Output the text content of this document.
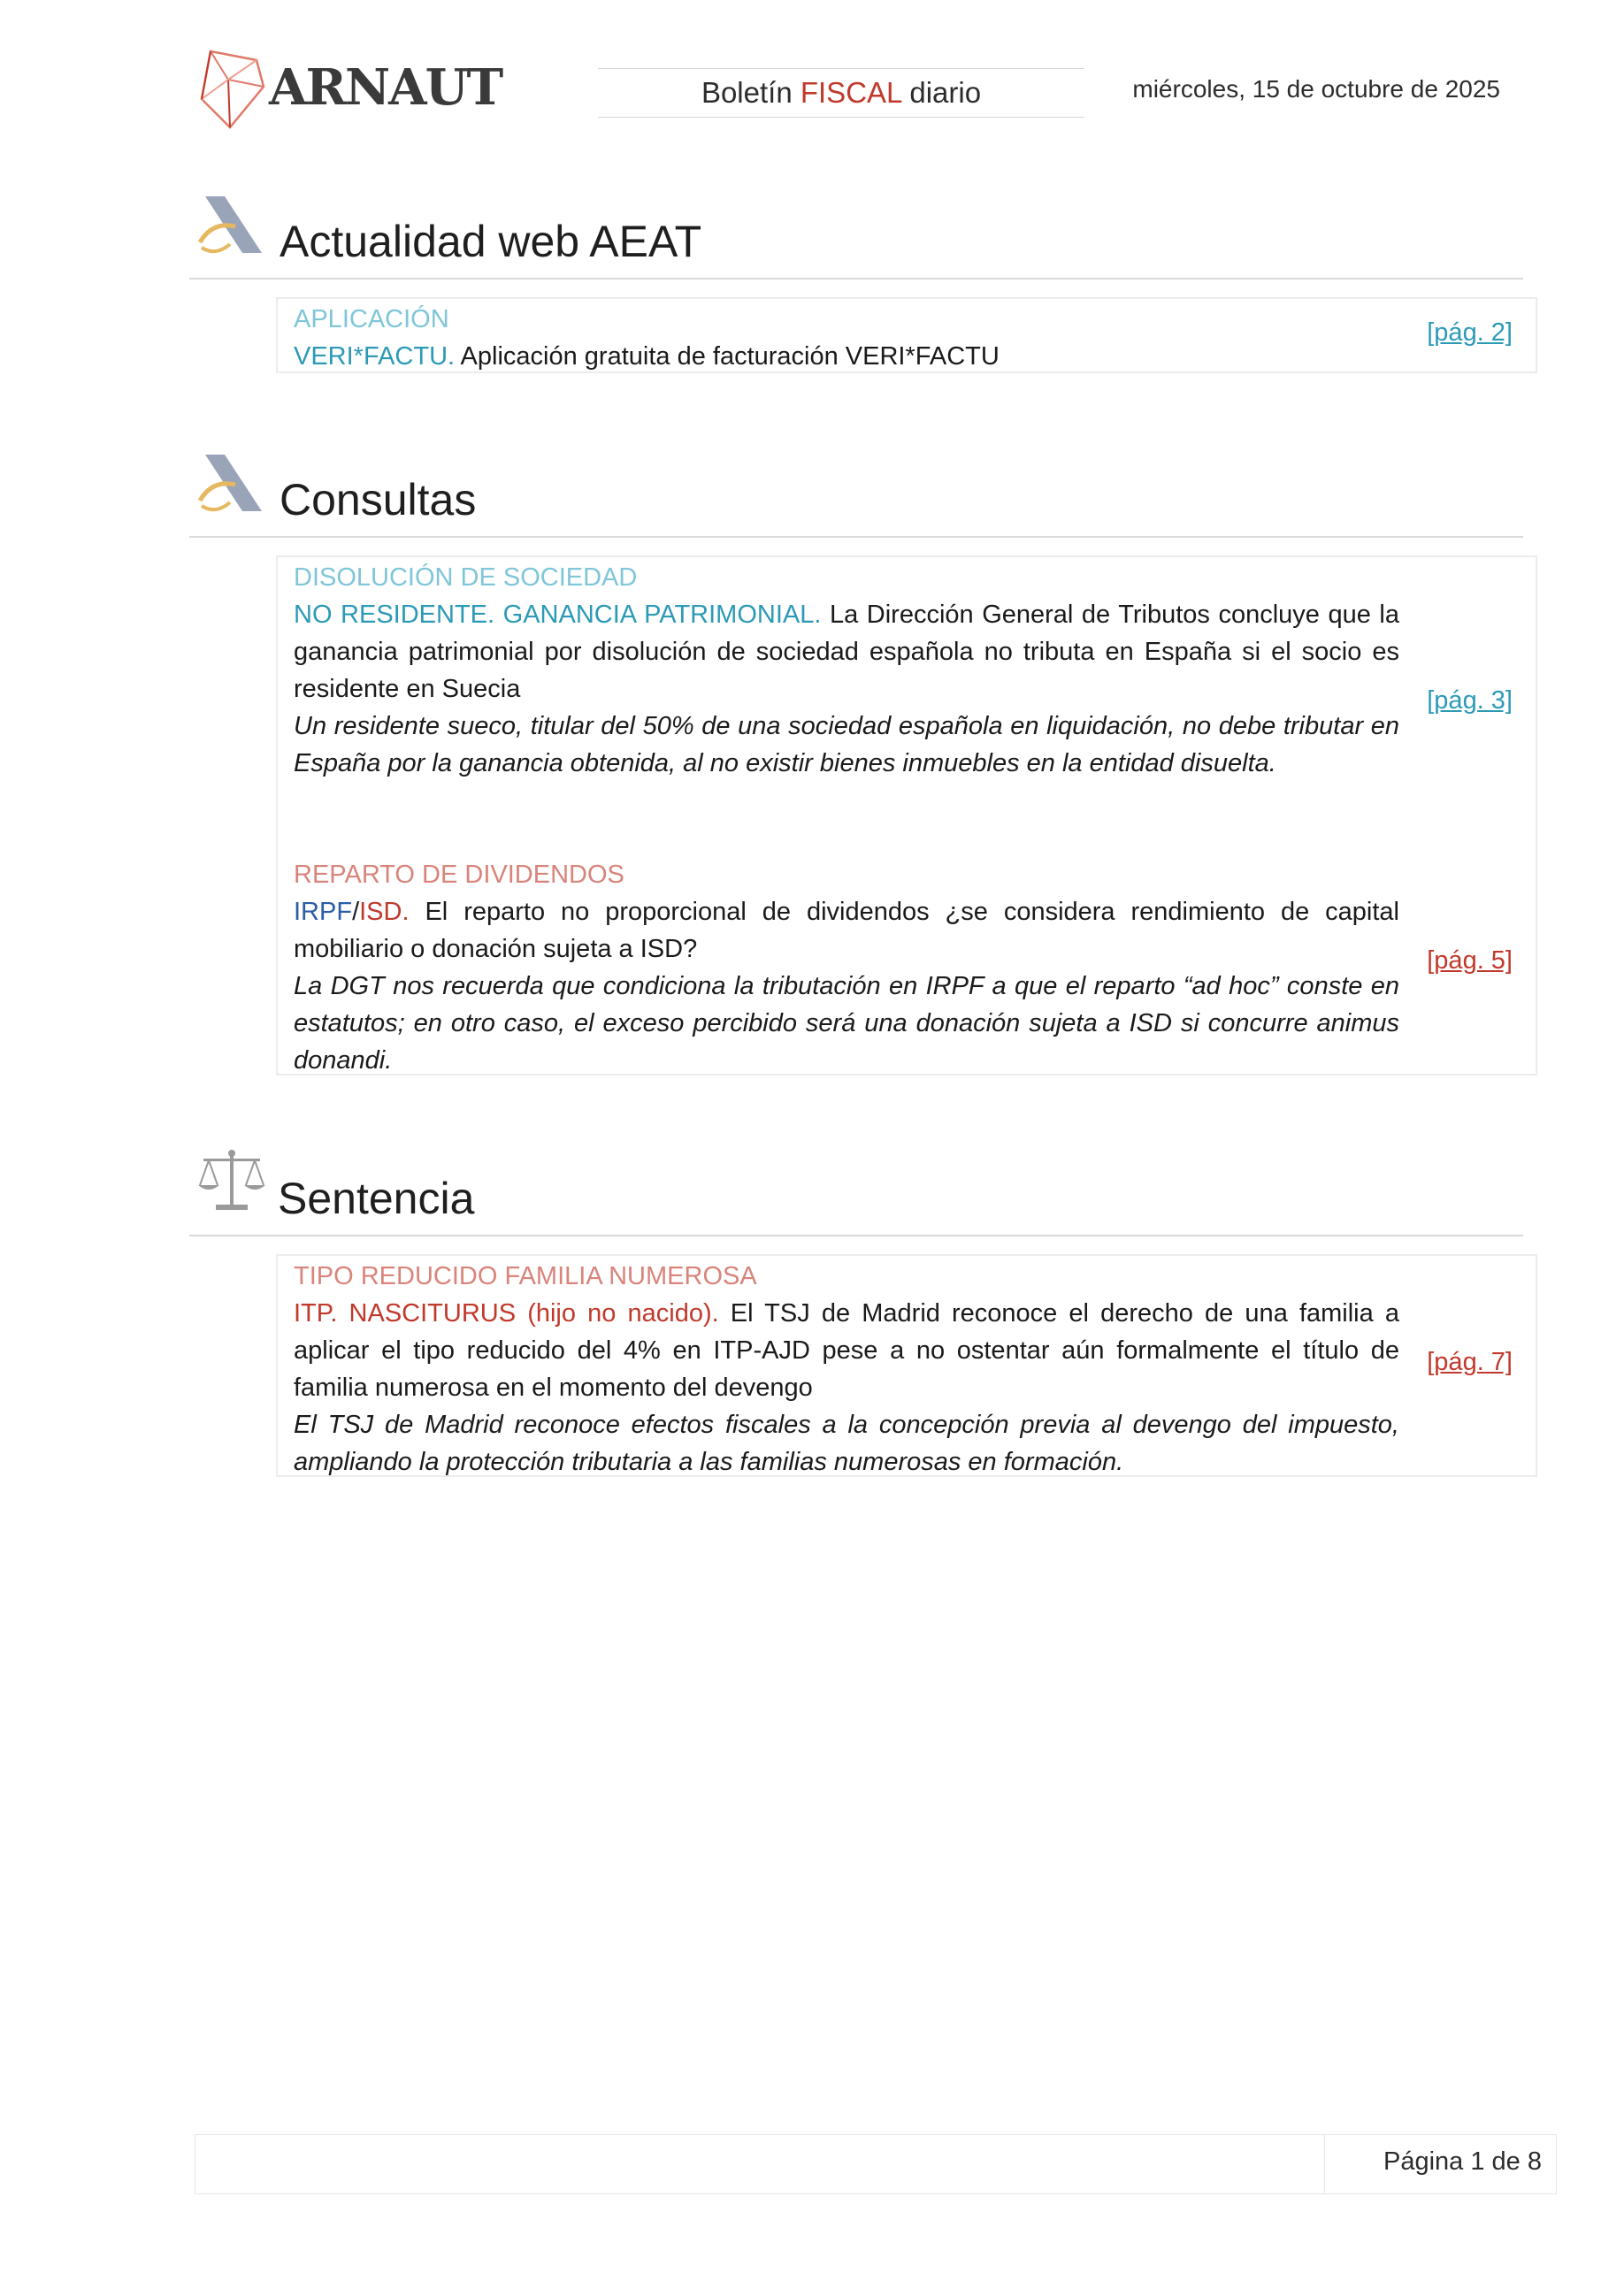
ARNAUT	Boletín FISCAL diario	miércoles, 15 de octubre de 2025
Actualidad web AEAT
APLICACIÓN
VERI*FACTU. Aplicación gratuita de facturación VERI*FACTU
[pág. 2]
Consultas
DISOLUCIÓN DE SOCIEDAD
NO RESIDENTE. GANANCIA PATRIMONIAL. La Dirección General de Tributos concluye que la ganancia patrimonial por disolución de sociedad española no tributa en España si el socio es residente en Suecia
Un residente sueco, titular del 50% de una sociedad española en liquidación, no debe tributar en España por la ganancia obtenida, al no existir bienes inmuebles en la entidad disuelta.
[pág. 3]
REPARTO DE DIVIDENDOS
IRPF/ISD. El reparto no proporcional de dividendos ¿se considera rendimiento de capital mobiliario o donación sujeta a ISD?
La DGT nos recuerda que condiciona la tributación en IRPF a que el reparto “ad hoc” conste en estatutos; en otro caso, el exceso percibido será una donación sujeta a ISD si concurre animus donandi.
[pág. 5]
Sentencia
TIPO REDUCIDO FAMILIA NUMEROSA
ITP. NASCITURUS (hijo no nacido). El TSJ de Madrid reconoce el derecho de una familia a aplicar el tipo reducido del 4% en ITP-AJD pese a no ostentar aún formalmente el título de familia numerosa en el momento del devengo
El TSJ de Madrid reconoce efectos fiscales a la concepción previa al devengo del impuesto, ampliando la protección tributaria a las familias numerosas en formación.
[pág. 7]
Página 1 de 8
